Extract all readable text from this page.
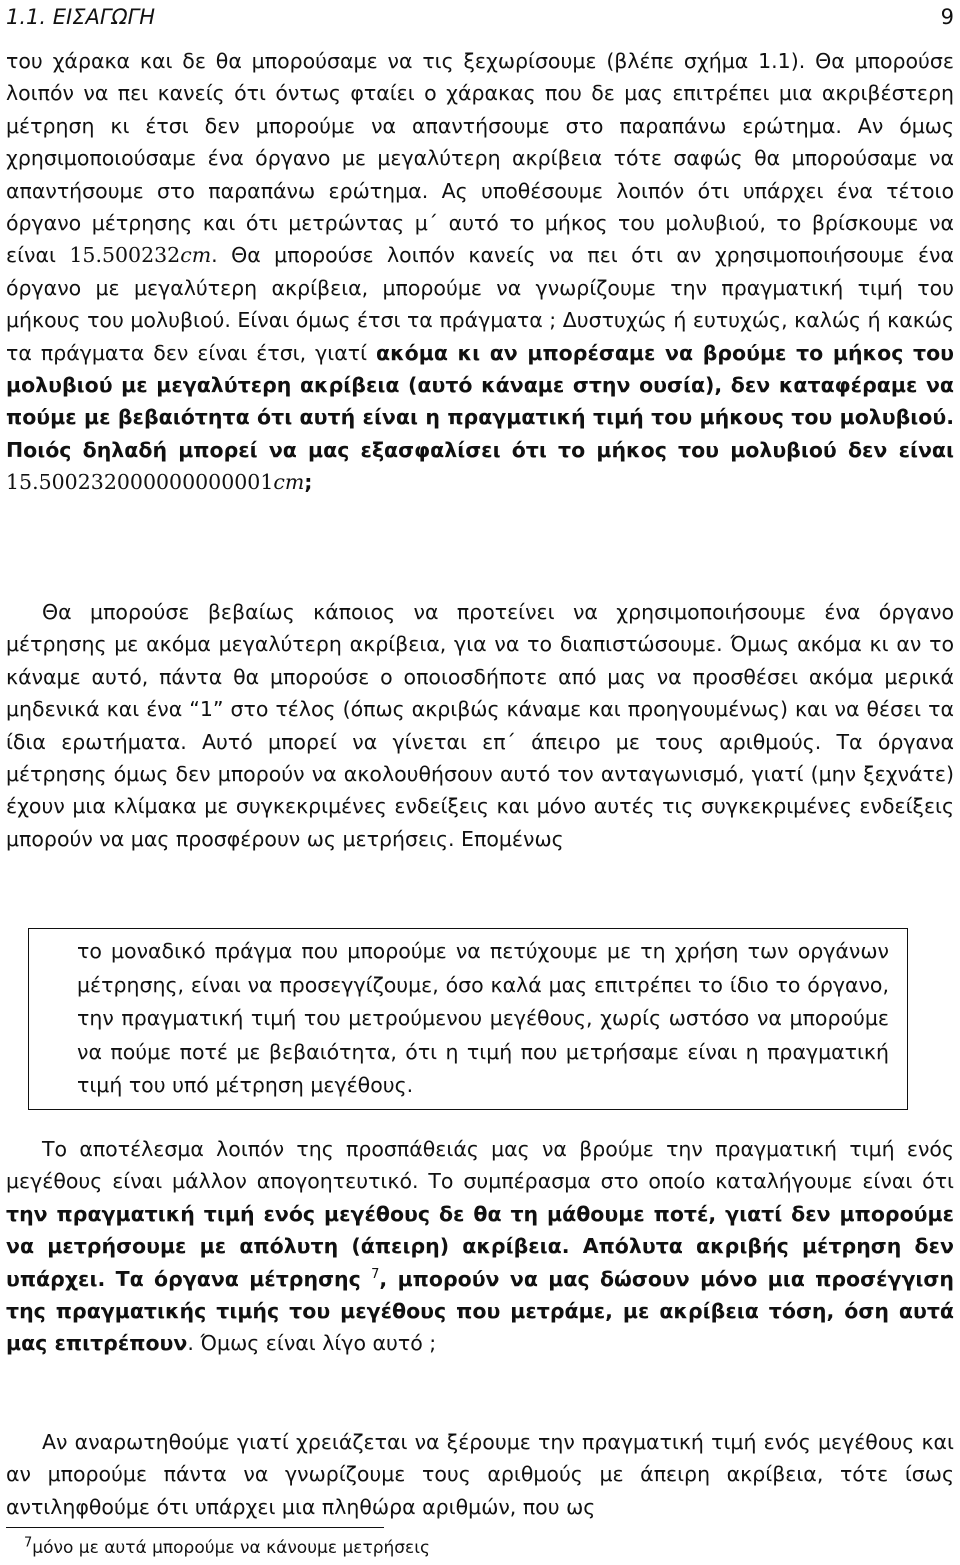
1.1. ΕΙΣΑΓΩΓΗ	9

του χάρακα και δε θα μπορούσαμε να τις ξεχωρίσουμε (βλέπε σχήμα 1.1). Θα μπορούσε λοιπόν να πει κανείς ότι όντως φταίει ο χάρακας που δε μας επιτρέπει μια ακριβέστερη μέτρηση κι έτσι δεν μπορούμε να απαντήσουμε στο παραπάνω ερώτημα. Αν όμως χρησιμοποιούσαμε ένα όργανο με μεγαλύτερη ακρίβεια τότε σαφώς θα μπορούσαμε να απαντήσουμε στο παραπάνω ερώτημα. Ας υποθέσουμε λοιπόν ότι υπάρχει ένα τέτοιο όργανο μέτρησης και ότι μετρώντας μ΄ αυτό το μήκος του μολυβιού, το βρίσκουμε να είναι 15.500232cm. Θα μπορούσε λοιπόν κανείς να πει ότι αν χρησιμοποιήσουμε ένα όργανο με μεγαλύτερη ακρίβεια, μπορούμε να γνωρίζουμε την πραγματική τιμή του μήκους του μολυβιού. Είναι όμως έτσι τα πράγματα ; Δυστυχώς ή ευτυχώς, καλώς ή κακώς τα πράγματα δεν είναι έτσι, γιατί ακόμα κι αν μπορέσαμε να βρούμε το μήκος του μολυβιού με μεγαλύτερη ακρίβεια (αυτό κάναμε στην ουσία), δεν καταφέραμε να πούμε με βεβαιότητα ότι αυτή είναι η πραγματική τιμή του μήκους του μολυβιού. Ποιός δηλαδή μπορεί να μας εξασφαλίσει ότι το μήκος του μολυβιού δεν είναι 15.500232000000000001cm;

Θα μπορούσε βεβαίως κάποιος να προτείνει να χρησιμοποιήσουμε ένα όργανο μέτρησης με ακόμα μεγαλύτερη ακρίβεια, για να το διαπιστώσουμε. Όμως ακόμα κι αν το κάναμε αυτό, πάντα θα μπορούσε ο οποιοσδήποτε από μας να προσθέσει ακόμα μερικά μηδενικά και ένα “1” στο τέλος (όπως ακριβώς κάναμε και προηγουμένως) και να θέσει τα ίδια ερωτήματα. Αυτό μπορεί να γίνεται επ΄ άπειρο με τους αριθμούς. Τα όργανα μέτρησης όμως δεν μπορούν να ακολουθήσουν αυτό τον ανταγωνισμό, γιατί (μην ξεχνάτε) έχουν μια κλίμακα με συγκεκριμένες ενδείξεις και μόνο αυτές τις συγκεκριμένες ενδείξεις μπορούν να μας προσφέρουν ως μετρήσεις. Επομένως

το μοναδικό πράγμα που μπορούμε να πετύχουμε με τη χρήση των οργάνων μέτρησης, είναι να προσεγγίζουμε, όσο καλά μας επιτρέπει το ίδιο το όργανο, την πραγματική τιμή του μετρούμενου μεγέθους, χωρίς ωστόσο να μπορούμε να πούμε ποτέ με βεβαιότητα, ότι η τιμή που μετρήσαμε είναι η πραγματική τιμή του υπό μέτρηση μεγέθους.

Το αποτέλεσμα λοιπόν της προσπάθειάς μας να βρούμε την πραγματική τιμή ενός μεγέθους είναι μάλλον απογοητευτικό. Το συμπέρασμα στο οποίο καταλήγουμε είναι ότι την πραγματική τιμή ενός μεγέθους δε θα τη μάθουμε ποτέ, γιατί δεν μπορούμε να μετρήσουμε με απόλυτη (άπειρη) ακρίβεια. Απόλυτα ακριβής μέτρηση δεν υπάρχει. Τα όργανα μέτρησης $^7$, μπορούν να μας δώσουν μόνο μια προσέγγιση της πραγματικής τιμής του μεγέθους που μετράμε, με ακρίβεια τόση, όση αυτά μας επιτρέπουν. Όμως είναι λίγο αυτό ;

Αν αναρωτηθούμε γιατί χρειάζεται να ξέρουμε την πραγματική τιμή ενός μεγέθους και αν μπορούμε πάντα να γνωρίζουμε τους αριθμούς με άπειρη ακρίβεια, τότε ίσως αντιληφθούμε ότι υπάρχει μια πληθώρα αριθμών, που ως

$^7$μόνο με αυτά μπορούμε να κάνουμε μετρήσεις
